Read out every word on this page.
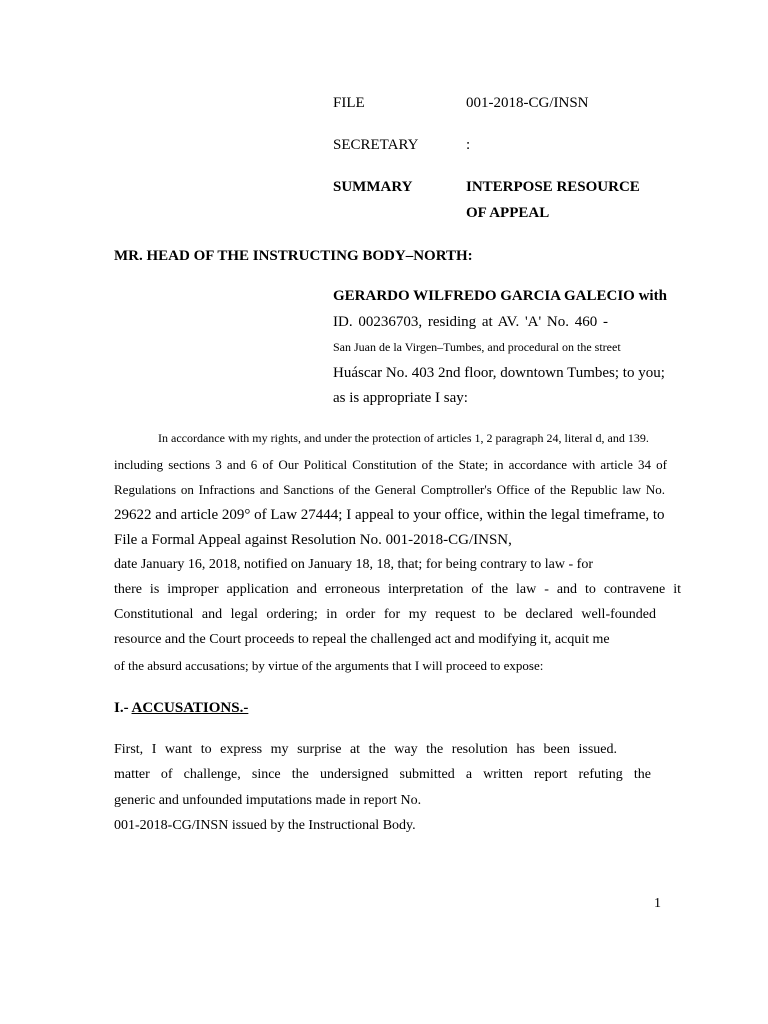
FILE	001-2018-CG/INSN
SECRETARY	:
SUMMARY	INTERPOSE RESOURCE
OF APPEAL
MR. HEAD OF THE INSTRUCTING BODY–NORTH:
GERARDO WILFREDO GARCIA GALECIO with
ID. 00236703, residing at AV. 'A' No. 460 -
San Juan de la Virgen–Tumbes, and procedural on the street
Huáscar No. 403 2nd floor, downtown Tumbes; to you;
as is appropriate I say:
In accordance with my rights, and under the protection of articles 1, 2 paragraph 24, literal d, and 139.
including sections 3 and 6 of Our Political Constitution of the State; in accordance with article 34 of
Regulations on Infractions and Sanctions of the General Comptroller's Office of the Republic law No.
29622 and article 209° of Law 27444; I appeal to your office, within the legal timeframe, to
File a Formal Appeal against Resolution No. 001-2018-CG/INSN,
date January 16, 2018, notified on January 18, 18, that; for being contrary to law - for
there is improper application and erroneous interpretation of the law - and to contravene it
Constitutional and legal ordering; in order for my request to be declared well-founded
resource and the Court proceeds to repeal the challenged act and modifying it, acquit me
of the absurd accusations; by virtue of the arguments that I will proceed to expose:
I.- ACCUSATIONS.-
First, I want to express my surprise at the way the resolution has been issued.
matter of challenge, since the undersigned submitted a written report refuting the
generic and unfounded imputations made in report No.
001-2018-CG/INSN issued by the Instructional Body.
1
